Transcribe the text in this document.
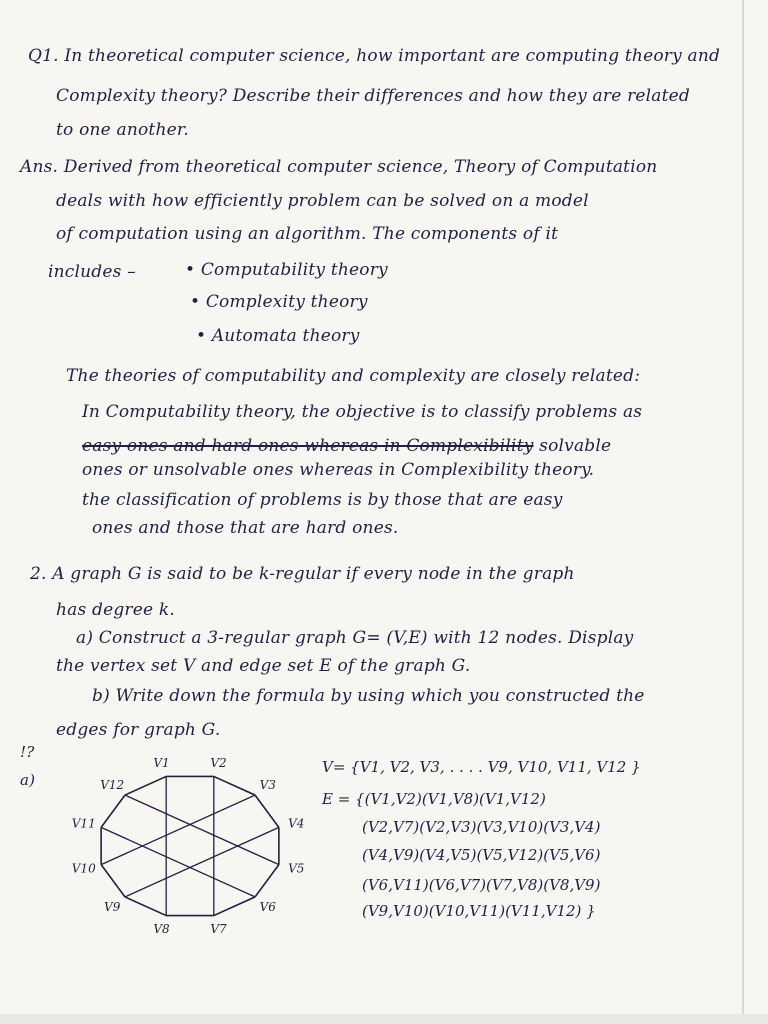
Q1. In theoretical computer science, how important are computing theory and
Complexity theory? Describe their differences and how they are related
to one another.
Ans. Derived from theoretical computer science, Theory of Computation
deals with how efficiently problem can be solved on a model
of computation using an algorithm. The components of it
includes –	• Computability theory
• Complexity theory
• Automata theory
The theories of computability and complexity are closely related:
In Computability theory, the objective is to classify problems as
easy ones and hard ones whereas in Complexibility solvable
ones or unsolvable ones whereas in Complexibility theory.
the classification of problems is by those that are easy
ones and those that are hard ones.
2. A graph G is said to be k-regular if every node in the graph
has degree k.
a) Construct a 3-regular graph G= (V,E) with 12 nodes. Display
the vertex set V and edge set E of the graph G.
b) Write down the formula by using which you constructed the
edges for graph G.
!?
a)
V= {V1, V2, V3, . . . . V9, V10, V11, V12 }
E = {(V1,V2)(V1,V8)(V1,V12)
(V2,V7)(V2,V3)(V3,V10)(V3,V4)
(V4,V9)(V4,V5)(V5,V12)(V5,V6)
(V6,V11)(V6,V7)(V7,V8)(V8,V9)
(V9,V10)(V10,V11)(V11,V12) }
V1	V2
V3
V4
V5
V6
V7
V8
V9
V10
V11
V12
